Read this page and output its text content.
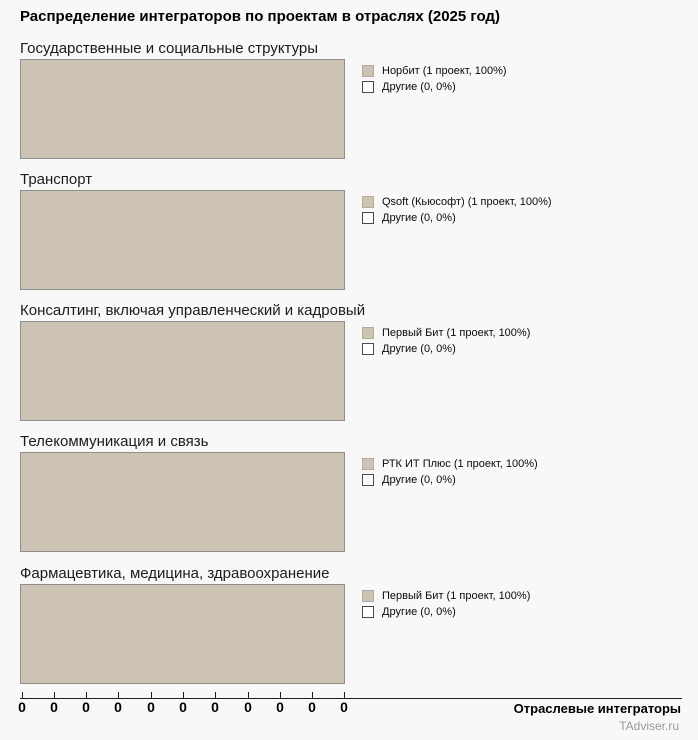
Распределение интеграторов по проектам в отраслях (2025 год)
Государственные и социальные структуры
Норбит (1 проект, 100%)
Другие (0, 0%)
Транспорт
Qsoft (Кьюсофт) (1 проект, 100%)
Другие (0, 0%)
Консалтинг, включая управленческий и кадровый
Первый Бит (1 проект, 100%)
Другие (0, 0%)
Телекоммуникация и связь
РТК ИТ Плюс (1 проект, 100%)
Другие (0, 0%)
Фармацевтика, медицина, здравоохранение
Первый Бит (1 проект, 100%)
Другие (0, 0%)
0	0	0	0	0	0	0	0	0	0	0	Отраслевые интеграторы
TAdviser.ru
